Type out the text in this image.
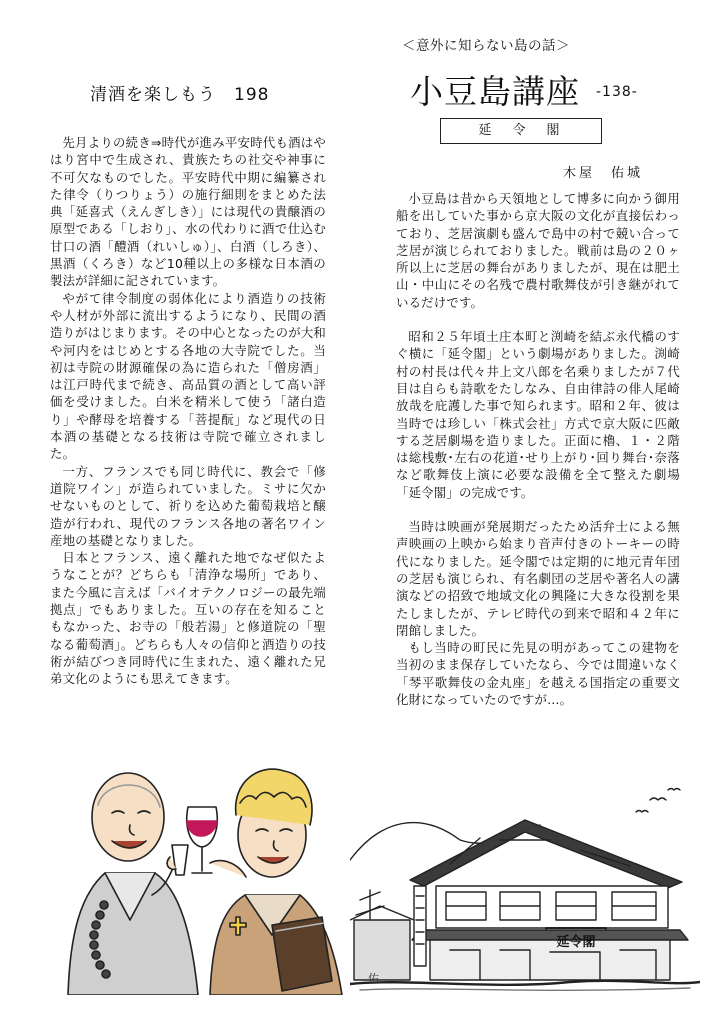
清酒を楽しもう　198

先月よりの続き⇒時代が進み平安時代も酒はやはり宮中で生成され、貴族たちの社交や神事に不可欠なものでした。平安時代中期に編纂された律令（りつりょう）の施行細則をまとめた法典「延喜式（えんぎしき）」には現代の貴醸酒の原型である「しおり」、水の代わりに酒で仕込む甘口の酒「醴酒（れいしゅ）」、白酒（しろき）、黒酒（くろき）など10種以上の多様な日本酒の製法が詳細に記されています。

やがて律令制度の弱体化により酒造りの技術や人材が外部に流出するようになり、民間の酒造りがはじまります。その中心となったのが大和や河内をはじめとする各地の大寺院でした。当初は寺院の財源確保の為に造られた「僧房酒」は江戸時代まで続き、高品質の酒として高い評価を受けました。白米を精米して使う「諸白造り」や酵母を培養する「菩提酛」など現代の日本酒の基礎となる技術は寺院で確立されました。

一方、フランスでも同じ時代に、教会で「修道院ワイン」が造られていました。ミサに欠かせないものとして、祈りを込めた葡萄栽培と醸造が行われ、現代のフランス各地の著名ワイン産地の基礎となりました。

日本とフランス、遠く離れた地でなぜ似たようなことが？どちらも「清浄な場所」であり、また今風に言えば「バイオテクノロジーの最先端拠点」でもありました。互いの存在を知ることもなかった、お寺の「般若湯」と修道院の「聖なる葡萄酒」。どちらも人々の信仰と酒造りの技術が結びつき同時代に生まれた、遠く離れた兄弟文化のようにも思えてきます。

＜意外に知らない島の話＞
小豆島講座 -138-
延　令　閣
木屋　佑城

小豆島は昔から天領地として博多に向かう御用船を出していた事から京大阪の文化が直接伝わっており、芝居演劇も盛んで島中の村で競い合って芝居が演じられておりました。戦前は島の２０ヶ所以上に芝居の舞台がありましたが、現在は肥土山・中山にその名残で農村歌舞伎が引き継がれているだけです。

昭和２５年頃土庄本町と渕崎を結ぶ永代橋のすぐ横に「延令閣」という劇場がありました。渕崎村の村長は代々井上文八郎を名乗りましたが７代目は自らも詩歌をたしなみ、自由律詩の俳人尾崎放哉を庇護した事で知られます。昭和２年、彼は当時では珍しい「株式会社」方式で京大阪に匹敵する芝居劇場を造りました。正面に櫓、１・２階は総桟敷･左右の花道･せり上がり･回り舞台･奈落など歌舞伎上演に必要な設備を全て整えた劇場「延令閣」の完成です。

当時は映画が発展期だったため活弁士による無声映画の上映から始まり音声付きのトーキーの時代になりました。延令閣では定期的に地元青年団の芝居も演じられ、有名劇団の芝居や著名人の講演などの招致で地域文化の興隆に大きな役割を果たしましたが、テレビ時代の到来で昭和４２年に閉館しました。

もし当時の町民に先見の明があってこの建物を当初のまま保存していたなら、今では間違いなく「琴平歌舞伎の金丸座」を越える国指定の重要文化財になっていたのですが…。

延令閣
佑
